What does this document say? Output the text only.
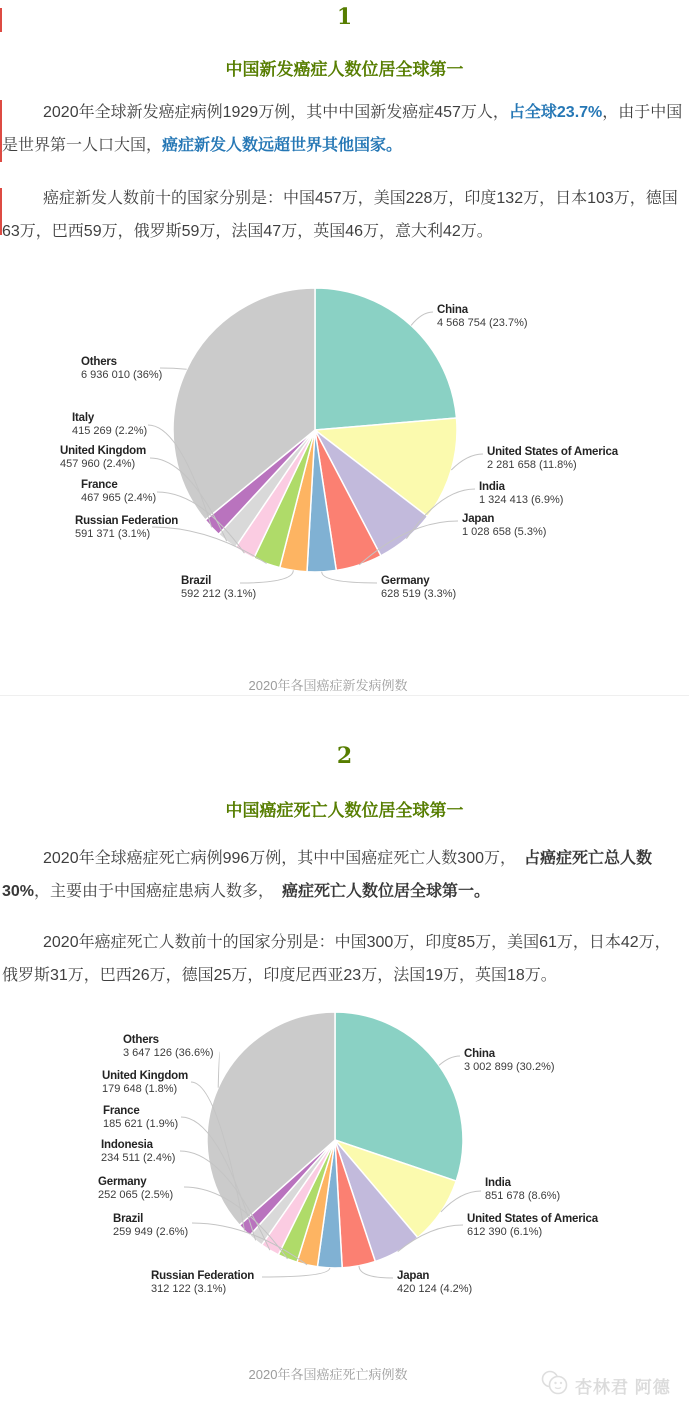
1
中国新发癌症人数位居全球第一

2020年全球新发癌症病例1929万例，其中中国新发癌症457万人，占全球23.7%，由于中国是世界第一人口大国，癌症新发人数远超世界其他国家。

癌症新发人数前十的国家分别是：中国457万，美国228万，印度132万，日本103万，德国63万，巴西59万，俄罗斯59万，法国47万，英国46万，意大利42万。

China
4 568 754 (23.7%)
United States of America
2 281 658 (11.8%)
India
1 324 413 (6.9%)
Japan
1 028 658 (5.3%)
Germany
628 519 (3.3%)
Brazil
592 212 (3.1%)
Russian Federation
591 371 (3.1%)
France
467 965 (2.4%)
United Kingdom
457 960 (2.4%)
Italy
415 269 (2.2%)
Others
6 936 010 (36%)
2020年各国癌症新发病例数
2
中国癌症死亡人数位居全球第一

2020年全球癌症死亡病例996万例，其中中国癌症死亡人数300万，　占癌症死亡总人数30%，主要由于中国癌症患病人数多，　癌症死亡人数位居全球第一。

2020年癌症死亡人数前十的国家分别是：中国300万，印度85万，美国61万，日本42万，俄罗斯31万，巴西26万，德国25万，印度尼西亚23万，法国19万，英国18万。

China
3 002 899 (30.2%)
India
851 678 (8.6%)
United States of America
612 390 (6.1%)
Japan
420 124 (4.2%)
Russian Federation
312 122 (3.1%)
Brazil
259 949 (2.6%)
Germany
252 065 (2.5%)
Indonesia
234 511 (2.4%)
France
185 621 (1.9%)
United Kingdom
179 648 (1.8%)
Others
3 647 126 (36.6%)
2020年各国癌症死亡病例数
杏林君 阿德
